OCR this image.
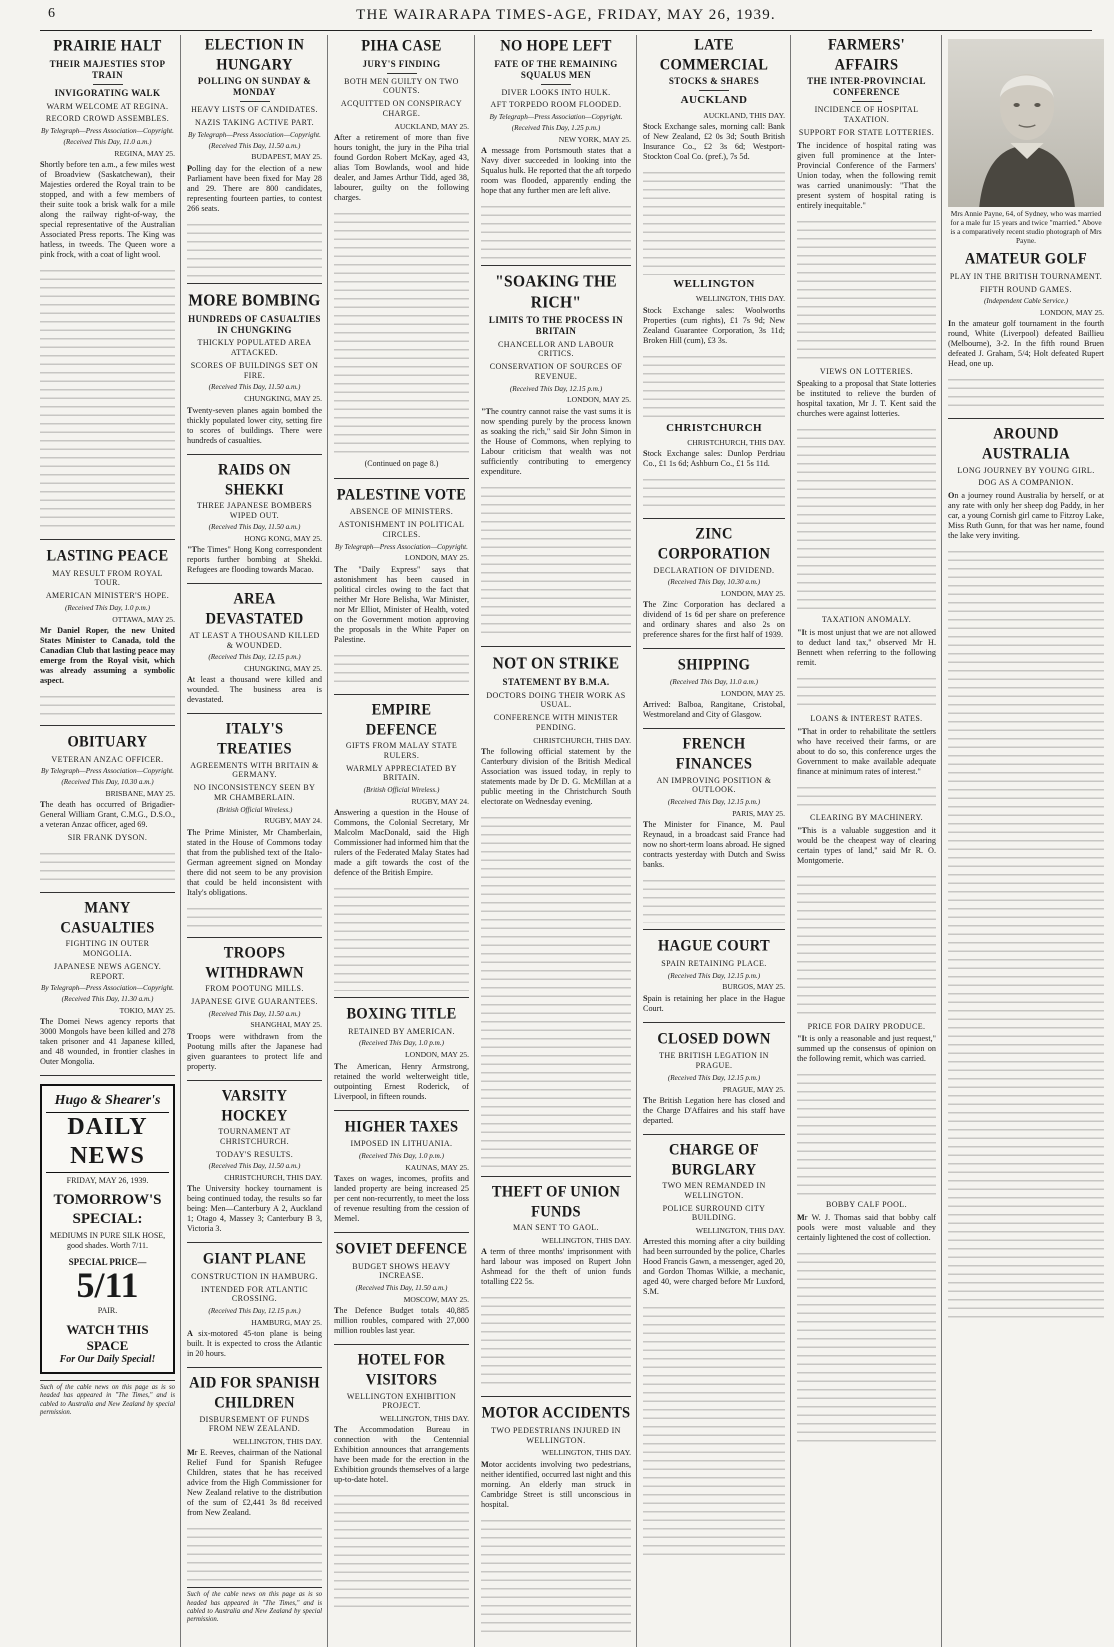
6	THE WAIRARAPA TIMES-AGE, FRIDAY, MAY 26, 1939.
PRAIRIE HALT
THEIR MAJESTIES STOP TRAIN
INVIGORATING WALK
WARM WELCOME AT REGINA.
RECORD CROWD ASSEMBLES.
By Telegraph—Press Association—Copyright.
(Received This Day, 11.0 a.m.)
REGINA, MAY 25.
Shortly before ten a.m., a few miles west of Broadview (Saskatchewan), their Majesties ordered the Royal train to be stopped, and with a few members of their suite took a brisk walk for a mile along the railway right-of-way, the special representative of the Australian Associated Press reports. The King was hatless, in tweeds. The Queen wore a pink frock, with a coat of light wool.
LASTING PEACE
MAY RESULT FROM ROYAL TOUR.
AMERICAN MINISTER'S HOPE.
(Received This Day, 1.0 p.m.)
OTTAWA, MAY 25.
Mr Daniel Roper, the new United States Minister to Canada, told the Canadian Club that lasting peace may emerge from the Royal visit, which was already assuming a symbolic aspect.
OBITUARY
VETERAN ANZAC OFFICER.
By Telegraph—Press Association—Copyright.
(Received This Day, 10.30 a.m.)
BRISBANE, MAY 25.
The death has occurred of Brigadier-General William Grant, C.M.G., D.S.O., a veteran Anzac officer, aged 69.
SIR FRANK DYSON.
MANY CASUALTIES
FIGHTING IN OUTER MONGOLIA.
JAPANESE NEWS AGENCY. REPORT.
By Telegraph—Press Association—Copyright.
(Received This Day, 11.30 a.m.)
TOKIO, MAY 25.
The Domei News agency reports that 3000 Mongols have been killed and 278 taken prisoner and 41 Japanese killed, and 48 wounded, in frontier clashes in Outer Mongolia.
Hugo & Shearer's
DAILY NEWS
FRIDAY, MAY 26, 1939.
TOMORROW'S SPECIAL:
MEDIUMS IN PURE SILK HOSE, good shades. Worth 7/11.
SPECIAL PRICE—
5/11
PAIR.
WATCH THIS SPACE
For Our Daily Special!
Such of the cable news on this page as is so headed has appeared in "The Times," and is cabled to Australia and New Zealand by special permission.
ELECTION IN HUNGARY
POLLING ON SUNDAY & MONDAY
HEAVY LISTS OF CANDIDATES.
NAZIS TAKING ACTIVE PART.
By Telegraph—Press Association—Copyright.
(Received This Day, 11.50 a.m.)
BUDAPEST, MAY 25.
Polling day for the election of a new Parliament have been fixed for May 28 and 29. There are 800 candidates, representing fourteen parties, to contest 266 seats.
MORE BOMBING
HUNDREDS OF CASUALTIES IN CHUNGKING
THICKLY POPULATED AREA ATTACKED.
SCORES OF BUILDINGS SET ON FIRE.
(Received This Day, 11.50 a.m.)
CHUNGKING, MAY 25.
Twenty-seven planes again bombed the thickly populated lower city, setting fire to scores of buildings. There were hundreds of casualties.
RAIDS ON SHEKKI
THREE JAPANESE BOMBERS WIPED OUT.
(Received This Day, 11.50 a.m.)
HONG KONG, MAY 25.
"The Times" Hong Kong correspondent reports further bombing at Shekki. Refugees are flooding towards Macao.
AREA DEVASTATED
AT LEAST A THOUSAND KILLED & WOUNDED.
(Received This Day, 12.15 p.m.)
CHUNGKING, MAY 25.
At least a thousand were killed and wounded. The business area is devastated.
ITALY'S TREATIES
AGREEMENTS WITH BRITAIN & GERMANY.
NO INCONSISTENCY SEEN BY MR CHAMBERLAIN.
(British Official Wireless.)
RUGBY, MAY 24.
The Prime Minister, Mr Chamberlain, stated in the House of Commons today that from the published text of the Italo-German agreement signed on Monday there did not seem to be any provision that could be held inconsistent with Italy's obligations.
TROOPS WITHDRAWN
FROM POOTUNG MILLS.
JAPANESE GIVE GUARANTEES.
(Received This Day, 11.50 a.m.)
SHANGHAI, MAY 25.
Troops were withdrawn from the Pootung mills after the Japanese had given guarantees to protect life and property.
VARSITY HOCKEY
TOURNAMENT AT CHRISTCHURCH.
TODAY'S RESULTS.
(Received This Day, 11.50 a.m.)
CHRISTCHURCH, THIS DAY.
The University hockey tournament is being continued today, the results so far being: Men—Canterbury A 2, Auckland 1; Otago 4, Massey 3; Canterbury B 3, Victoria 3.
GIANT PLANE
CONSTRUCTION IN HAMBURG.
INTENDED FOR ATLANTIC CROSSING.
(Received This Day, 12.15 p.m.)
HAMBURG, MAY 25.
A six-motored 45-ton plane is being built. It is expected to cross the Atlantic in 20 hours.
AID FOR SPANISH CHILDREN
DISBURSEMENT OF FUNDS FROM NEW ZEALAND.
WELLINGTON, THIS DAY.
Mr E. Reeves, chairman of the National Relief Fund for Spanish Refugee Children, states that he has received advice from the High Commissioner for New Zealand relative to the distribution of the sum of £2,441 3s 8d received from New Zealand.
Such of the cable news on this page as is so headed has appeared in "The Times," and is cabled to Australia and New Zealand by special permission.
PIHA CASE
JURY'S FINDING
BOTH MEN GUILTY ON TWO COUNTS.
ACQUITTED ON CONSPIRACY CHARGE.
AUCKLAND, MAY 25.
After a retirement of more than five hours tonight, the jury in the Piha trial found Gordon Robert McKay, aged 43, alias Tom Bowlands, wool and hide dealer, and James Arthur Tidd, aged 38, labourer, guilty on the following charges.
(Continued on page 8.)
PALESTINE VOTE
ABSENCE OF MINISTERS.
ASTONISHMENT IN POLITICAL CIRCLES.
By Telegraph—Press Association—Copyright.
LONDON, MAY 25.
The "Daily Express" says that astonishment has been caused in political circles owing to the fact that neither Mr Hore Belisha, War Minister, nor Mr Elliot, Minister of Health, voted on the Government motion approving the proposals in the White Paper on Palestine.
EMPIRE DEFENCE
GIFTS FROM MALAY STATE RULERS.
WARMLY APPRECIATED BY BRITAIN.
(British Official Wireless.)
RUGBY, MAY 24.
Answering a question in the House of Commons, the Colonial Secretary, Mr Malcolm MacDonald, said the High Commissioner had informed him that the rulers of the Federated Malay States had made a gift towards the cost of the defence of the British Empire.
BOXING TITLE
RETAINED BY AMERICAN.
(Received This Day, 1.0 p.m.)
LONDON, MAY 25.
The American, Henry Armstrong, retained the world welterweight title, outpointing Ernest Roderick, of Liverpool, in fifteen rounds.
HIGHER TAXES
IMPOSED IN LITHUANIA.
(Received This Day, 1.0 p.m.)
KAUNAS, MAY 25.
Taxes on wages, incomes, profits and landed property are being increased 25 per cent non-recurrently, to meet the loss of revenue resulting from the cession of Memel.
SOVIET DEFENCE
BUDGET SHOWS HEAVY INCREASE.
(Received This Day, 11.50 a.m.)
MOSCOW, MAY 25.
The Defence Budget totals 40,885 million roubles, compared with 27,000 million roubles last year.
HOTEL FOR VISITORS
WELLINGTON EXHIBITION PROJECT.
WELLINGTON, THIS DAY.
The Accommodation Bureau in connection with the Centennial Exhibition announces that arrangements have been made for the erection in the Exhibition grounds themselves of a large up-to-date hotel.
NO HOPE LEFT
FATE OF THE REMAINING SQUALUS MEN
DIVER LOOKS INTO HULK.
AFT TORPEDO ROOM FLOODED.
By Telegraph—Press Association—Copyright.
(Received This Day, 1.25 p.m.)
NEW YORK, MAY 25.
A message from Portsmouth states that a Navy diver succeeded in looking into the Squalus hulk. He reported that the aft torpedo room was flooded, apparently ending the hope that any further men are left alive.
"SOAKING THE RICH"
LIMITS TO THE PROCESS IN BRITAIN
CHANCELLOR AND LABOUR CRITICS.
CONSERVATION OF SOURCES OF REVENUE.
(Received This Day, 12.15 p.m.)
LONDON, MAY 25.
"The country cannot raise the vast sums it is now spending purely by the process known as soaking the rich," said Sir John Simon in the House of Commons, when replying to Labour criticism that wealth was not sufficiently contributing to emergency expenditure.
NOT ON STRIKE
STATEMENT BY B.M.A.
DOCTORS DOING THEIR WORK AS USUAL.
CONFERENCE WITH MINISTER PENDING.
CHRISTCHURCH, THIS DAY.
The following official statement by the Canterbury division of the British Medical Association was issued today, in reply to statements made by Dr D. G. McMillan at a public meeting in the Christchurch South electorate on Wednesday evening.
THEFT OF UNION FUNDS
MAN SENT TO GAOL.
WELLINGTON, THIS DAY.
A term of three months' imprisonment with hard labour was imposed on Rupert John Ashmead for the theft of union funds totalling £22 5s.
MOTOR ACCIDENTS
TWO PEDESTRIANS INJURED IN WELLINGTON.
WELLINGTON, THIS DAY.
Motor accidents involving two pedestrians, neither identified, occurred last night and this morning. An elderly man struck in Cambridge Street is still unconscious in hospital.
LATE COMMERCIAL
STOCKS & SHARES
AUCKLAND
AUCKLAND, THIS DAY.
Stock Exchange sales, morning call: Bank of New Zealand, £2 0s 3d; South British Insurance Co., £2 3s 6d; Westport-Stockton Coal Co. (pref.), 7s 5d.
WELLINGTON
WELLINGTON, THIS DAY.
Stock Exchange sales: Woolworths Properties (cum rights), £1 7s 9d; New Zealand Guarantee Corporation, 3s 11d; Broken Hill (cum), £3 3s.
CHRISTCHURCH
CHRISTCHURCH, THIS DAY.
Stock Exchange sales: Dunlop Perdriau Co., £1 1s 6d; Ashburn Co., £1 5s 11d.
ZINC CORPORATION
DECLARATION OF DIVIDEND.
(Received This Day, 10.30 a.m.)
LONDON, MAY 25.
The Zinc Corporation has declared a dividend of 1s 6d per share on preference and ordinary shares and also 2s on preference shares for the first half of 1939.
SHIPPING
(Received This Day, 11.0 a.m.)
LONDON, MAY 25.
Arrived: Balboa, Rangitane, Cristobal, Westmoreland and City of Glasgow.
FRENCH FINANCES
AN IMPROVING POSITION & OUTLOOK.
(Received This Day, 12.15 p.m.)
PARIS, MAY 25.
The Minister for Finance, M. Paul Reynaud, in a broadcast said France had now no short-term loans abroad. He signed contracts yesterday with Dutch and Swiss banks.
HAGUE COURT
SPAIN RETAINING PLACE.
(Received This Day, 12.15 p.m.)
BURGOS, MAY 25.
Spain is retaining her place in the Hague Court.
CLOSED DOWN
THE BRITISH LEGATION IN PRAGUE.
(Received This Day, 12.15 p.m.)
PRAGUE, MAY 25.
The British Legation here has closed and the Charge D'Affaires and his staff have departed.
CHARGE OF BURGLARY
TWO MEN REMANDED IN WELLINGTON.
POLICE SURROUND CITY BUILDING.
WELLINGTON, THIS DAY.
Arrested this morning after a city building had been surrounded by the police, Charles Hood Francis Gawn, a messenger, aged 20, and Gordon Thomas Wilkie, a mechanic, aged 40, were charged before Mr Luxford, S.M.
FARMERS' AFFAIRS
THE INTER-PROVINCIAL CONFERENCE
INCIDENCE OF HOSPITAL TAXATION.
SUPPORT FOR STATE LOTTERIES.
The incidence of hospital rating was given full prominence at the Inter-Provincial Conference of the Farmers' Union today, when the following remit was carried unanimously: "That the present system of hospital rating is entirely inequitable."
VIEWS ON LOTTERIES.
Speaking to a proposal that State lotteries be instituted to relieve the burden of hospital taxation, Mr J. T. Kent said the churches were against lotteries.
TAXATION ANOMALY.
"It is most unjust that we are not allowed to deduct land tax," observed Mr H. Bennett when referring to the following remit.
LOANS & INTEREST RATES.
"That in order to rehabilitate the settlers who have received their farms, or are about to do so, this conference urges the Government to make available adequate finance at minimum rates of interest."
CLEARING BY MACHINERY.
"This is a valuable suggestion and it would be the cheapest way of clearing certain types of land," said Mr R. O. Montgomerie.
PRICE FOR DAIRY PRODUCE.
"It is only a reasonable and just request," summed up the consensus of opinion on the following remit, which was carried.
BOBBY CALF POOL.
Mr W. J. Thomas said that bobby calf pools were most valuable and they certainly lightened the cost of collection.
Mrs Annie Payne, 64, of Sydney, who was married for a male fur 15 years and twice "married." Above is a comparatively recent studio photograph of Mrs Payne.
AMATEUR GOLF
PLAY IN THE BRITISH TOURNAMENT.
FIFTH ROUND GAMES.
(Independent Cable Service.)
LONDON, MAY 25.
In the amateur golf tournament in the fourth round, White (Liverpool) defeated Baillieu (Melbourne), 3-2. In the fifth round Bruen defeated J. Graham, 5/4; Holt defeated Rupert Head, one up.
AROUND AUSTRALIA
LONG JOURNEY BY YOUNG GIRL.
DOG AS A COMPANION.
On a journey round Australia by herself, or at any rate with only her sheep dog Paddy, in her car, a young Cornish girl came to Fitzroy Lake, Miss Ruth Gunn, for that was her name, found the lake very inviting.
